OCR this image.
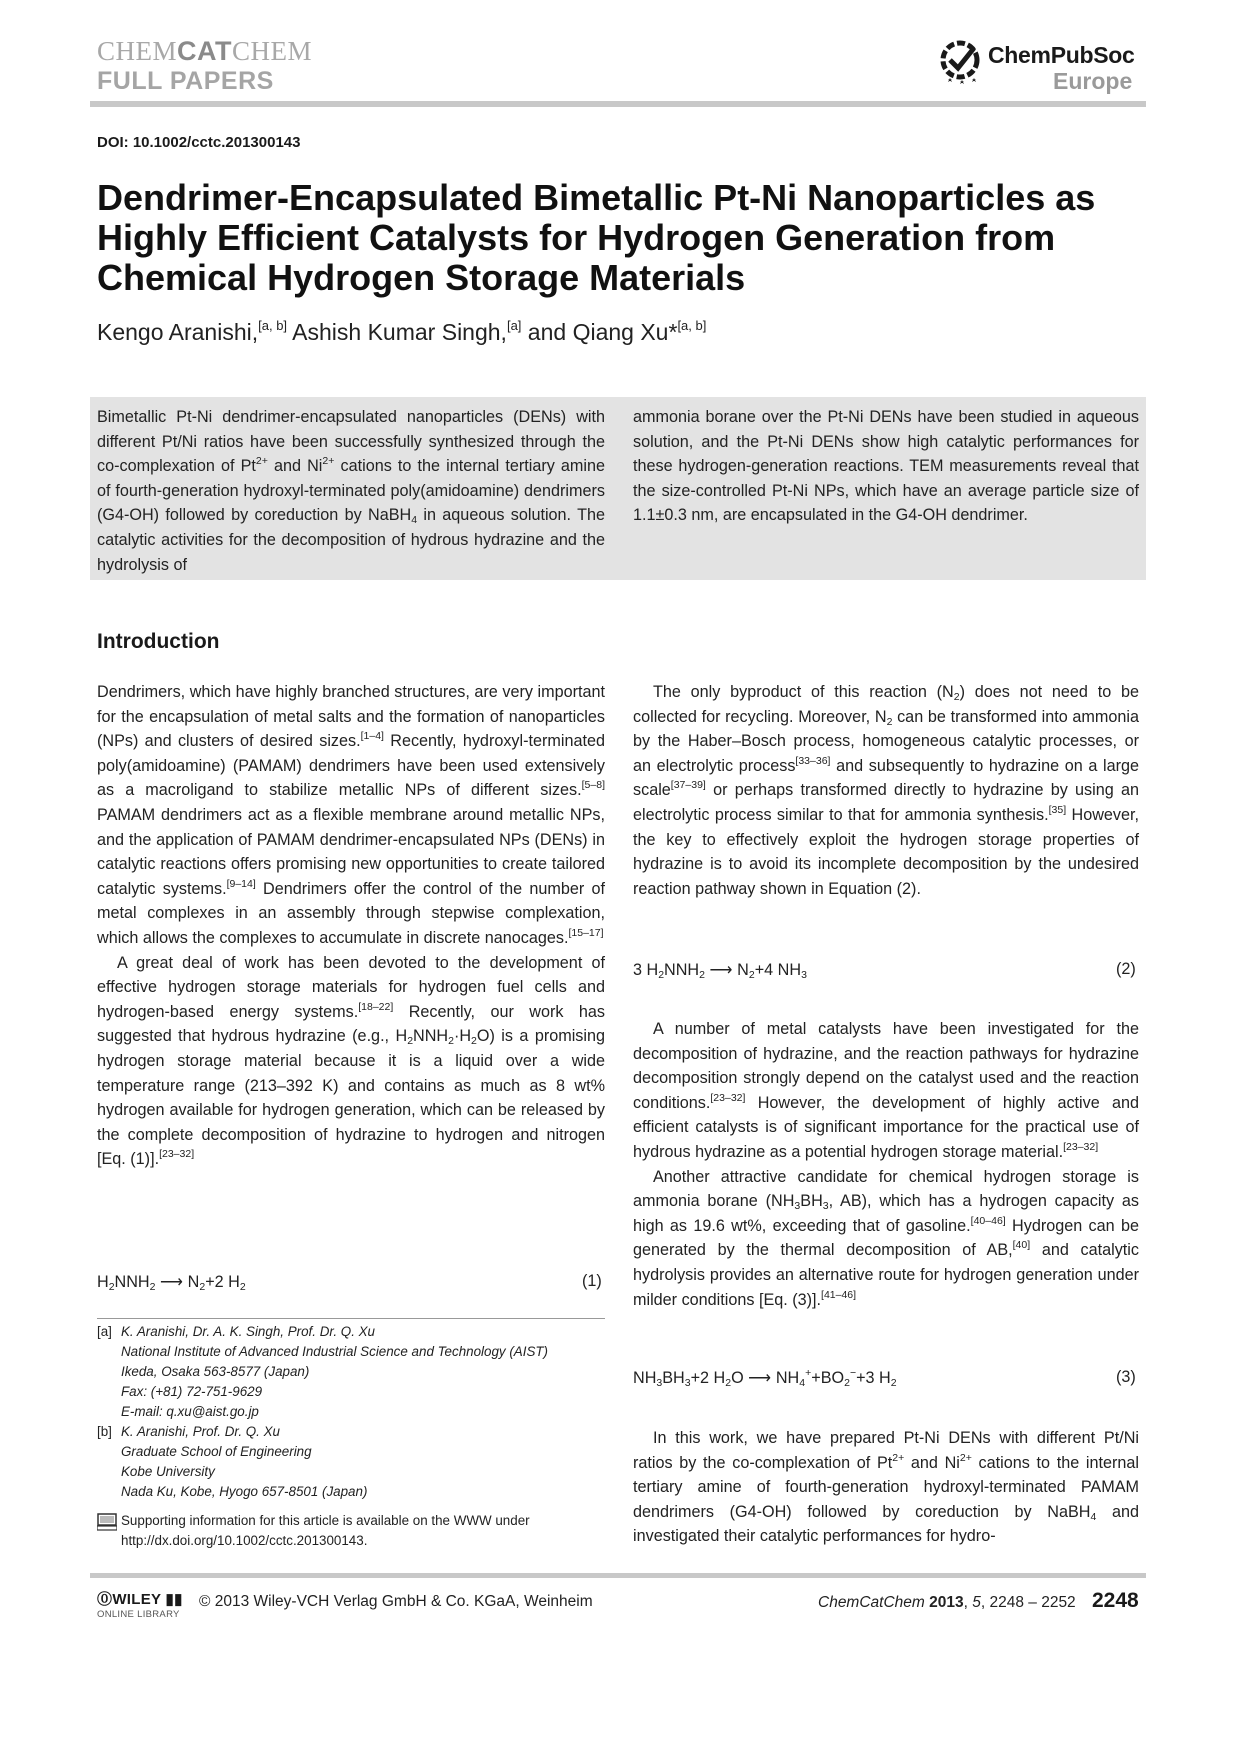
CHEMCATCHEM
FULL PAPERS
ChemPubSoc
Europe
DOI: 10.1002/cctc.201300143
Dendrimer-Encapsulated Bimetallic Pt-Ni Nanoparticles as Highly Efficient Catalysts for Hydrogen Generation from Chemical Hydrogen Storage Materials
Kengo Aranishi,[a, b] Ashish Kumar Singh,[a] and Qiang Xu*[a, b]
Bimetallic Pt-Ni dendrimer-encapsulated nanoparticles (DENs) with different Pt/Ni ratios have been successfully synthesized through the co-complexation of $Pt^{2+}$ and $Ni^{2+}$ cations to the internal tertiary amine of fourth-generation hydroxyl-terminated poly(amidoamine) dendrimers (G4-OH) followed by coreduction by NaBH$_4$ in aqueous solution. The catalytic activities for the decomposition of hydrous hydrazine and the hydrolysis of
ammonia borane over the Pt-Ni DENs have been studied in aqueous solution, and the Pt-Ni DENs show high catalytic performances for these hydrogen-generation reactions. TEM measurements reveal that the size-controlled Pt-Ni NPs, which have an average particle size of 1.1±0.3 nm, are encapsulated in the G4-OH dendrimer.
Introduction

Dendrimers, which have highly branched structures, are very important for the encapsulation of metal salts and the formation of nanoparticles (NPs) and clusters of desired sizes.[1–4] Recently, hydroxyl-terminated poly(amidoamine) (PAMAM) dendrimers have been used extensively as a macroligand to stabilize metallic NPs of different sizes.[5–8] PAMAM dendrimers act as a flexible membrane around metallic NPs, and the application of PAMAM dendrimer-encapsulated NPs (DENs) in catalytic reactions offers promising new opportunities to create tailored catalytic systems.[9–14] Dendrimers offer the control of the number of metal complexes in an assembly through stepwise complexation, which allows the complexes to accumulate in discrete nanocages.[15–17]

A great deal of work has been devoted to the development of effective hydrogen storage materials for hydrogen fuel cells and hydrogen-based energy systems.[18–22] Recently, our work has suggested that hydrous hydrazine (e.g., $H_2NNH_2\cdot H_2O$) is a promising hydrogen storage material because it is a liquid over a wide temperature range (213–392 K) and contains as much as 8 wt% hydrogen available for hydrogen generation, which can be released by the complete decomposition of hydrazine to hydrogen and nitrogen [Eq. (1)].[23–32]

$H_2NNH_2$ ⟶ $N_2+2$ $H_2$	(1)
[a] K. Aranishi, Dr. A. K. Singh, Prof. Dr. Q. Xu
National Institute of Advanced Industrial Science and Technology (AIST)
Ikeda, Osaka 563-8577 (Japan)
Fax: (+81) 72-751-9629
E-mail: q.xu@aist.go.jp
[b] K. Aranishi, Prof. Dr. Q. Xu
Graduate School of Engineering
Kobe University
Nada Ku, Kobe, Hyogo 657-8501 (Japan)
Supporting information for this article is available on the WWW under
http://dx.doi.org/10.1002/cctc.201300143.

The only byproduct of this reaction $(N_2)$ does not need to be collected for recycling. Moreover, $N_2$ can be transformed into ammonia by the Haber–Bosch process, homogeneous catalytic processes, or an electrolytic process[33–36] and subsequently to hydrazine on a large scale[37–39] or perhaps transformed directly to hydrazine by using an electrolytic process similar to that for ammonia synthesis.[35] However, the key to effectively exploit the hydrogen storage properties of hydrazine is to avoid its incomplete decomposition by the undesired reaction pathway shown in Equation (2).

3 $H_2NNH_2$ ⟶ $N_2+4$ $NH_3$	(2)

A number of metal catalysts have been investigated for the decomposition of hydrazine, and the reaction pathways for hydrazine decomposition strongly depend on the catalyst used and the reaction conditions.[23–32] However, the development of highly active and efficient catalysts is of significant importance for the practical use of hydrous hydrazine as a potential hydrogen storage material.[23–32]

Another attractive candidate for chemical hydrogen storage is ammonia borane ($NH_3BH_3$, AB), which has a hydrogen capacity as high as 19.6 wt%, exceeding that of gasoline.[40–46] Hydrogen can be generated by the thermal decomposition of AB,[40] and catalytic hydrolysis provides an alternative route for hydrogen generation under milder conditions [Eq. (3)].[41–46]

$NH_3BH_3+2$ $H_2O$ ⟶ $NH_4^++BO_2^-+3$ $H_2$	(3)

In this work, we have prepared Pt-Ni DENs with different Pt/Ni ratios by the co-complexation of $Pt^{2+}$ and $Ni^{2+}$ cations to the internal tertiary amine of fourth-generation hydroxyl-terminated PAMAM dendrimers (G4-OH) followed by coreduction by NaBH$_4$ and investigated their catalytic performances for hydro-

⓪WILEY ▮▮
ONLINE LIBRARY
© 2013 Wiley-VCH Verlag GmbH & Co. KGaA, Weinheim	ChemCatChem 2013, 5, 2248 – 2252 2248
